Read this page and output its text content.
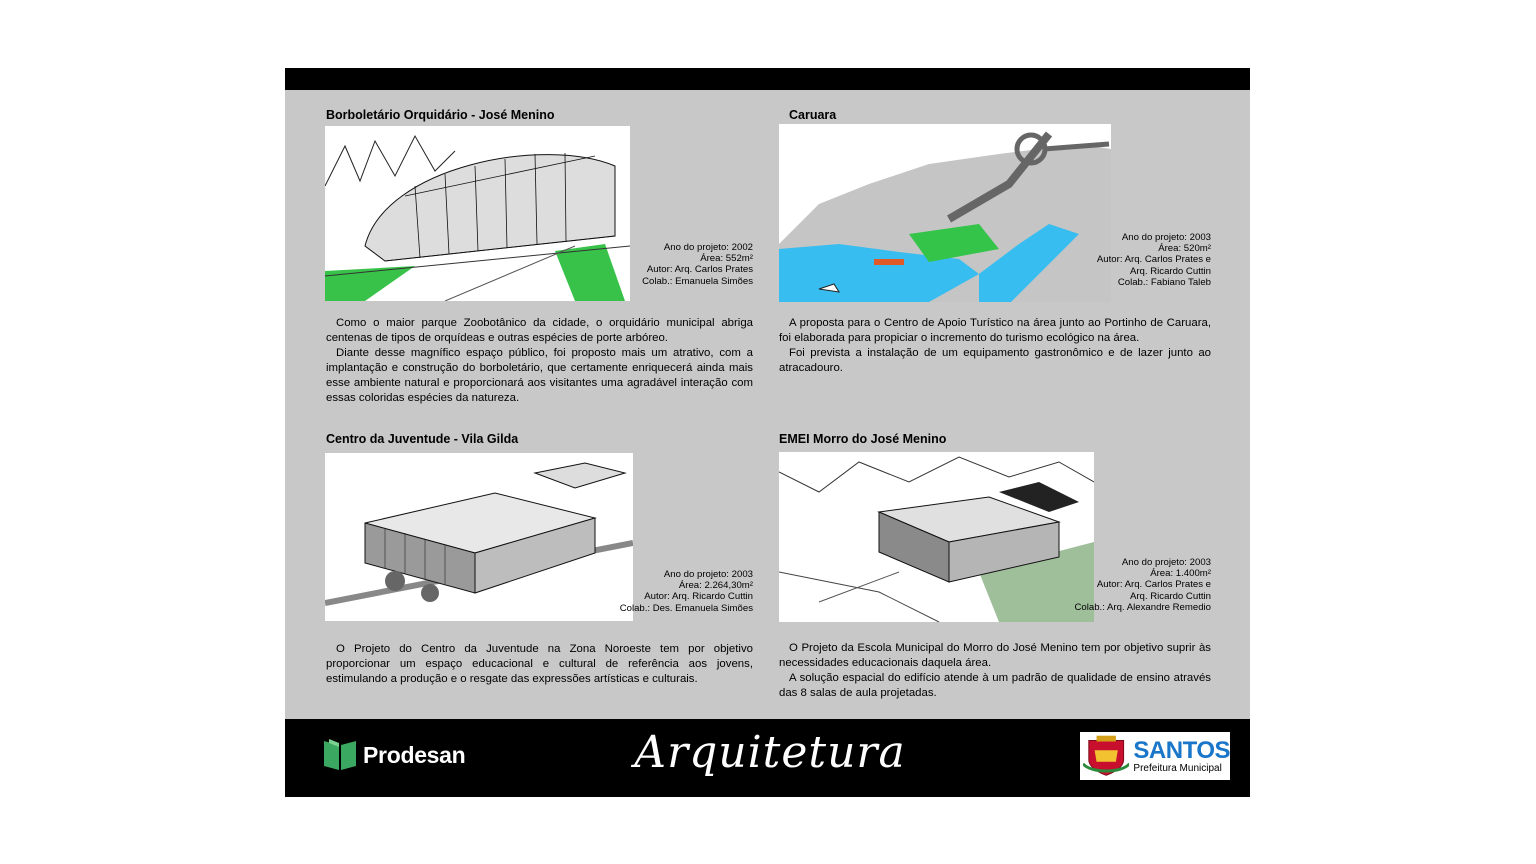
Borboletário Orquidário - José Menino
Ano do projeto: 2002
Área: 552m²
Autor: Arq. Carlos Prates
Colab.: Emanuela Simões

Como o maior parque Zoobotânico da cidade, o orquidário municipal abriga centenas de tipos de orquídeas e outras espécies de porte arbóreo.

Diante desse magnífico espaço público, foi proposto mais um atrativo, com a implantação e construção do borboletário, que certamente enriquecerá ainda mais esse ambiente natural e proporcionará aos visitantes uma agradável interação com essas coloridas espécies da natureza.

Caruara
Ano do projeto: 2003
Área: 520m²
Autor: Arq. Carlos Prates e
Arq. Ricardo Cuttin
Colab.: Fabiano Taleb

A proposta para o Centro de Apoio Turístico na área junto ao Portinho de Caruara, foi elaborada para propiciar o incremento do turismo ecológico na área.

Foi prevista a instalação de um equipamento gastronômico e de lazer junto ao atracadouro.

Centro da Juventude - Vila Gilda
Ano do projeto: 2003
Área: 2.264,30m²
Autor: Arq. Ricardo Cuttin
Colab.: Des. Emanuela Simões

O Projeto do Centro da Juventude na Zona Noroeste tem por objetivo proporcionar um espaço educacional e cultural de referência aos jovens, estimulando a produção e o resgate das expressões artísticas e culturais.

EMEI Morro do José Menino
Ano do projeto: 2003
Área: 1.400m²
Autor: Arq. Carlos Prates e
Arq. Ricardo Cuttin
Colab.: Arq. Alexandre Remedio

O Projeto da Escola Municipal do Morro do José Menino tem por objetivo suprir às necessidades educacionais daquela área.

A solução espacial do edifício atende à um padrão de qualidade de ensino através das 8 salas de aula projetadas.

Prodesan	Arquitetura	SANTOS
Prefeitura Municipal
